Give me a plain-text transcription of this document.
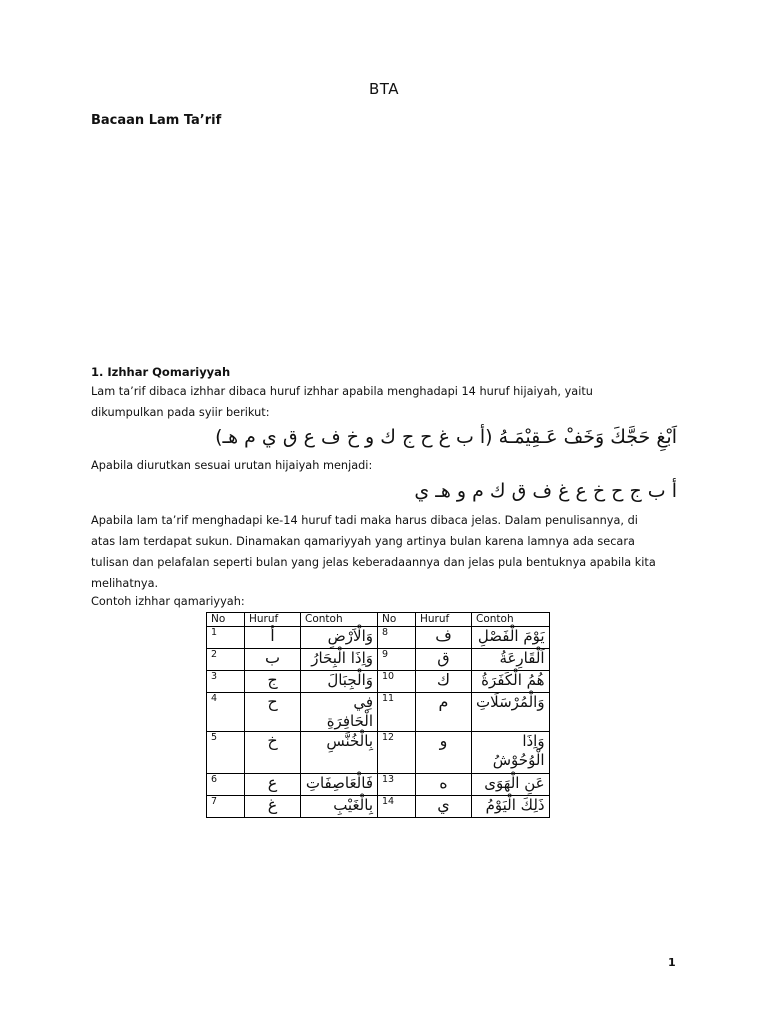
BTA
Bacaan Lam Ta’rif
1. Izhhar Qomariyyah
Lam ta’rif dibaca izhhar dibaca huruf izhhar apabila menghadapi 14 huruf hijaiyah, yaitu
dikumpulkan pada syiir berikut:
اَبْغِ حَجَّكَ وَخَفْ عَـقِيْمَـهُ (أ ب غ ح ج ك و خ ف ع ق ي م هـ)
Apabila diurutkan sesuai urutan hijaiyah menjadi:
أ ب ج ح خ ع غ ف ق ك م و هـ ي
Apabila lam ta’rif menghadapi ke-14 huruf tadi maka harus dibaca jelas. Dalam penulisannya, di
atas lam terdapat sukun. Dinamakan qamariyyah yang artinya bulan karena lamnya ada secara
tulisan dan pelafalan seperti bulan yang jelas keberadaannya dan jelas pula bentuknya apabila kita
melihatnya.
Contoh izhhar qamariyyah:
No	Huruf	Contoh	No	Huruf	Contoh
1	أ	وَالْاَرْضِ	8	ف	يَوْمَ الْفَصْلِ
2	ب	وَاِذَا الْبِحَارُ	9	ق	اَلْقَارِعَةُ
3	ج	وَالْجِبَالَ	10	ك	هُمُ الْكَفَرَةُ
4	ح	فِي الْحَافِرَةِ	11	م	وَالْمُرْسَلَاتِ
5	خ	بِالْخُنَّسِ	12	و	وَاِذَا الْوُحُوْشُ
6	ع	فَالْعَاصِفَاتِ	13	ه	عَنِ الْهَوَى
7	غ	بِالْغَيْبِ	14	ي	ذَلِكَ الْيَوْمُ
1
